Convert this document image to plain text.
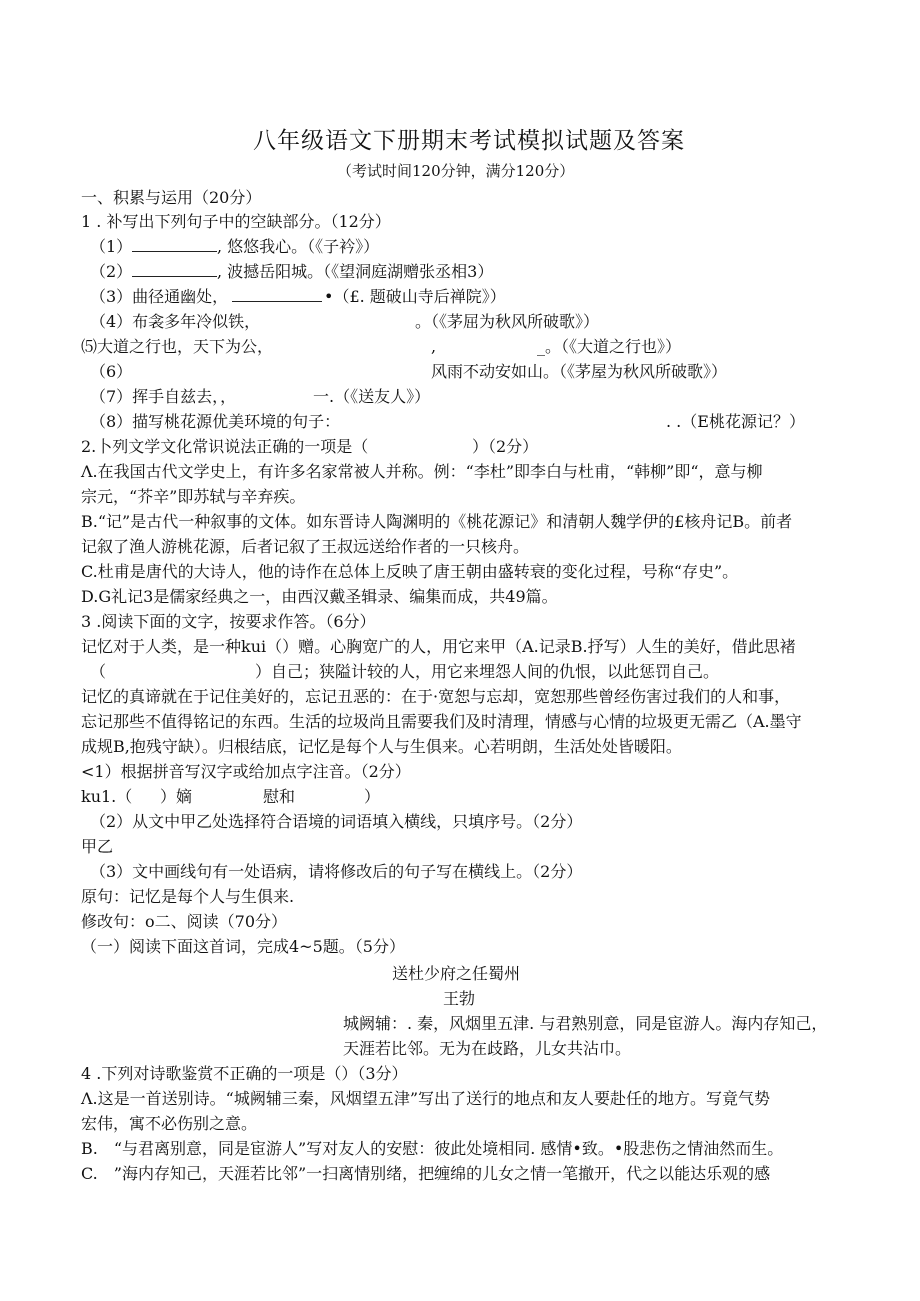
八年级语文下册期末考试模拟试题及答案
（考试时间120分钟，满分120分）
一、积累与运用（20分）
1 . 补写出下列句子中的空缺部分。（12分）
（1）	, 悠悠我心。（《子衿》）
（2）	, 波撼岳阳城。（《望洞庭湖赠张丞相3）
（3）曲径通幽处，	•（£. 题破山寺后禅院》）
（4）布衾多年冷似铁，	。（《茅屈为秋风所破歌》）
⑸大道之行也，天下为公，	,	_。（《大道之行也》）
（6）	风雨不动安如山。（《茅屋为秋风所破歌》）
（7）挥手自兹去，，	一.（《送友人》）
（8）描写桃花源优美环境的句子：	. .（E桃花源记？）
2.卜列文学文化常识说法正确的一项是（	）（2分）
Λ.在我国古代文学史上，有许多名家常被人并称。例：“李杜”即李白与杜甫，“韩柳”即“，意与柳
宗元，“芥辛”即苏轼与辛弃疾。
B.“记”是古代一种叙事的文体。如东晋诗人陶渊明的《桃花源记》和清朝人魏学伊的£核舟记B。前者
记叙了渔人游桃花源，后者记叙了王叔远送给作者的一只核舟。
C.杜甫是唐代的大诗人，他的诗作在总体上反映了唐王朝由盛转衰的变化过程，号称“存史”。
D.G礼记3是儒家经典之一，由西汉戴圣辑录、编集而成，共49篇。
3 .阅读下面的文字，按要求作答。（6分）
记忆对于人类，是一种kui（）赠。心胸宽广的人，用它来甲（A.记录B.抒写）人生的美好，借此思褚
（	）自己；狭隘计较的人，用它来埋怨人间的仇恨，以此惩罚自己。
记忆的真谛就在于记住美好的，忘记丑恶的：在于·宽恕与忘却，宽恕那些曾经伤害过我们的人和事，
忘记那些不值得铭记的东西。生活的垃圾尚且需要我们及时清理，情感与心情的垃圾更无需乙（A.墨守
成规B,抱残守缺）。归根结底，记忆是每个人与生俱来。心若明朗，生活处处皆暖阳。
<1）根据拼音写汉字或给加点字注音。（2分）
ku1.（ ）嫡	慰和	）
（2）从文中甲乙处选择符合语境的词语填入横线，只填序号。（2分）
甲乙
（3）文中画线句有一处语病，请将修改后的句子写在横线上。（2分）
原句：记忆是每个人与生俱来.
修改句：o二、阅读（70分）
（一）阅读下面这首词，完成4~5题。（5分）
送杜少府之任蜀州
王勃
城阙辅：. 秦，风烟里五津. 与君熟别意，同是宦游人。海内存知己，
天涯若比邻。无为在歧路，儿女共沾巾。
4 .下列对诗歌鉴赏不正确的一项是（）（3分）
Λ.这是一首送别诗。“城阙辅三秦，风烟望五津”写出了送行的地点和友人要赴任的地方。写竟气势
宏伟，寓不必伤别之意。
B.　“与君离别意，同是宦游人”写对友人的安慰：彼此处境相同. 感情•致。•股悲伤之情油然而生。
C.　”海内存知己，天涯若比邻”一扫离情别绪，把缠绵的儿女之情一笔撤开，代之以能达乐观的感
